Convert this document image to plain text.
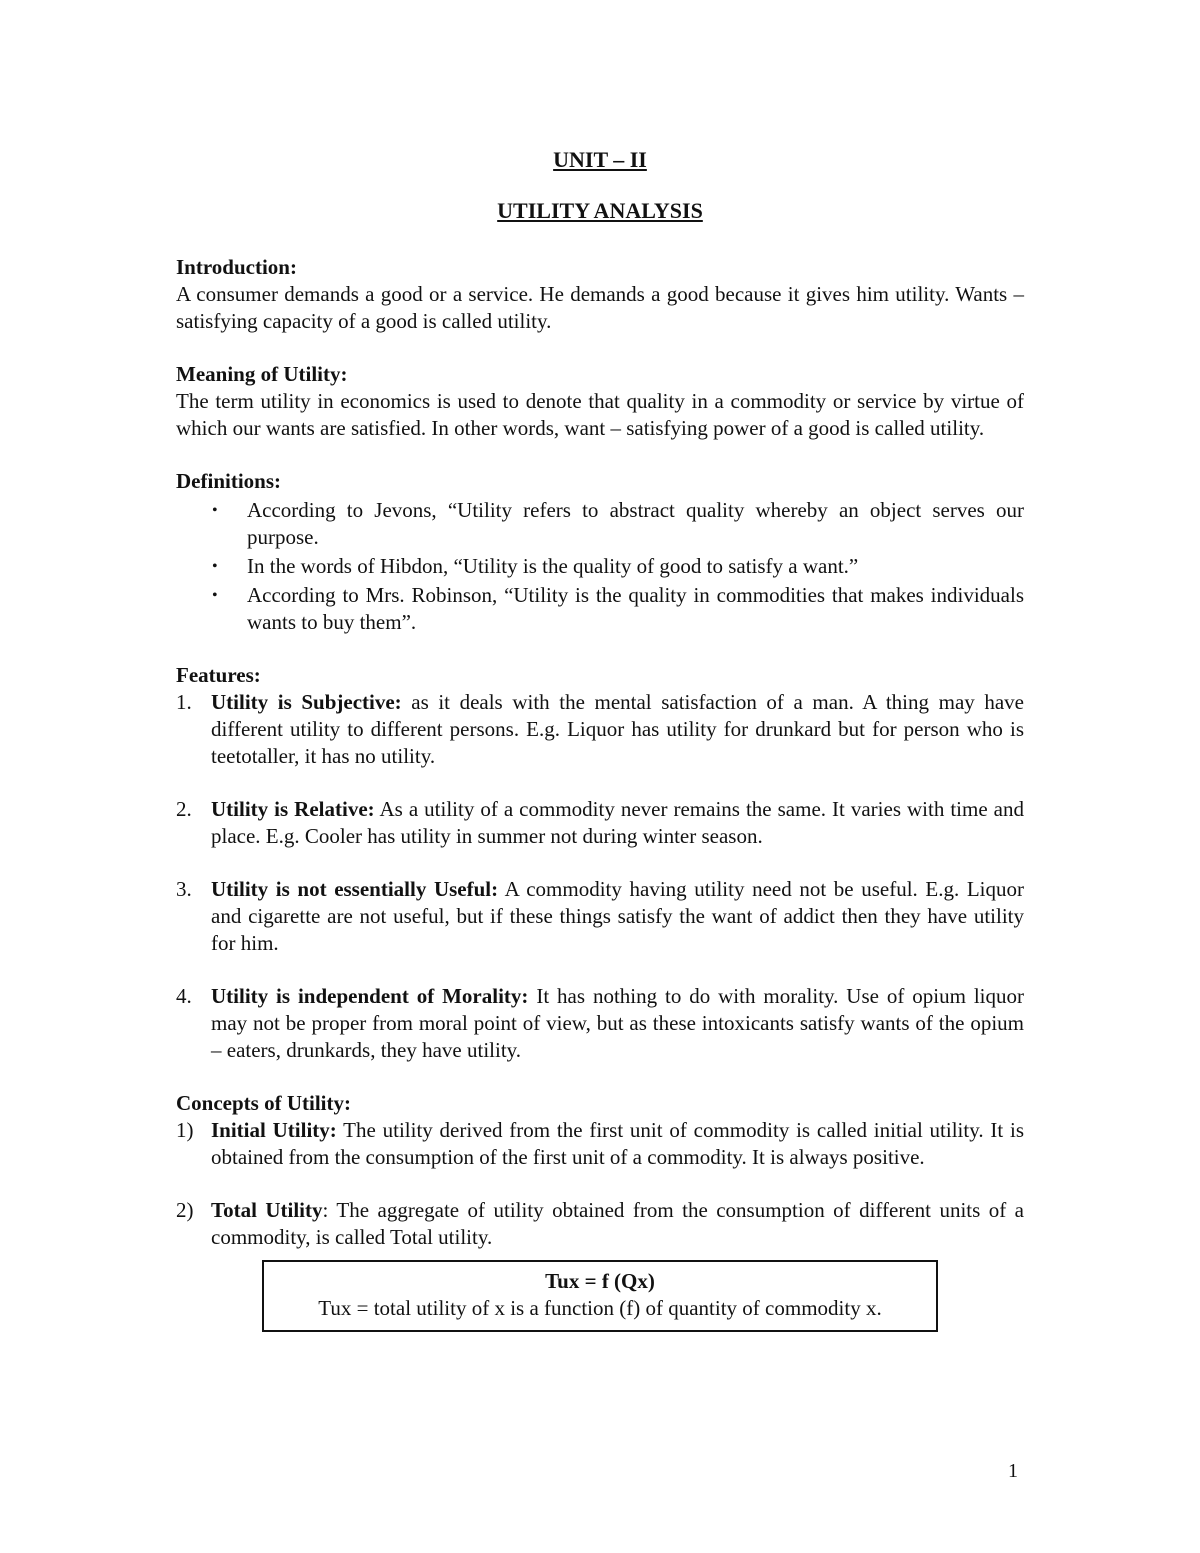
UNIT – II

UTILITY ANALYSIS

Introduction:

A consumer demands a good or a service. He demands a good because it gives him utility. Wants – satisfying capacity of a good is called utility.

Meaning of Utility:

The term utility in economics is used to denote that quality in a commodity or service by virtue of which our wants are satisfied. In other words, want – satisfying power of a good is called utility.

Definitions:

• According to Jevons, “Utility refers to abstract quality whereby an object serves our purpose.
• In the words of Hibdon, “Utility is the quality of good to satisfy a want.”
• According to Mrs. Robinson, “Utility is the quality in commodities that makes individuals wants to buy them”.

Features:

1. Utility is Subjective: as it deals with the mental satisfaction of a man. A thing may have different utility to different persons. E.g. Liquor has utility for drunkard but for person who is teetotaller, it has no utility.
2. Utility is Relative: As a utility of a commodity never remains the same. It varies with time and place. E.g. Cooler has utility in summer not during winter season.
3. Utility is not essentially Useful: A commodity having utility need not be useful. E.g. Liquor and cigarette are not useful, but if these things satisfy the want of addict then they have utility for him.
4. Utility is independent of Morality: It has nothing to do with morality. Use of opium liquor may not be proper from moral point of view, but as these intoxicants satisfy wants of the opium – eaters, drunkards, they have utility.

Concepts of Utility:

1) Initial Utility: The utility derived from the first unit of commodity is called initial utility. It is obtained from the consumption of the first unit of a commodity. It is always positive.
2) Total Utility: The aggregate of utility obtained from the consumption of different units of a commodity, is called Total utility.
Tux = f (Qx)
Tux = total utility of x is a function (f) of quantity of commodity x.
1
